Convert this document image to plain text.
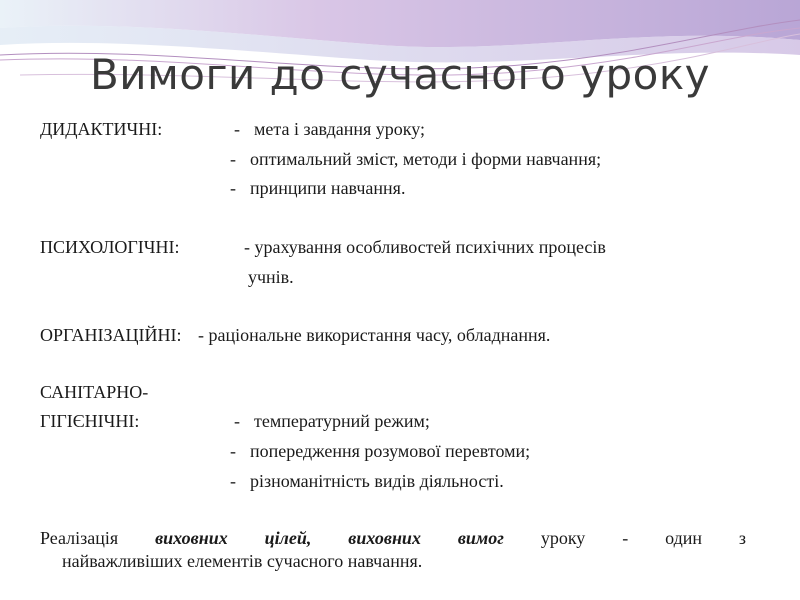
Вимоги до сучасного уроку
ДИДАКТИЧНІ:	- мета і завдання уроку;
- оптимальний зміст, методи і форми навчання;
- принципи навчання.
ПСИХОЛОГІЧНІ:	- урахування особливостей психічних процесів
учнів.
ОРГАНІЗАЦІЙНІ: - раціональне використання часу, обладнання.
САНІТАРНО-
ГІГІЄНІЧНІ:	- температурний режим;
- попередження розумової перевтоми;
- різноманітність видів діяльності.
Реалізація виховних цілей, виховних вимог уроку - один з
найважливіших елементів сучасного навчання.
